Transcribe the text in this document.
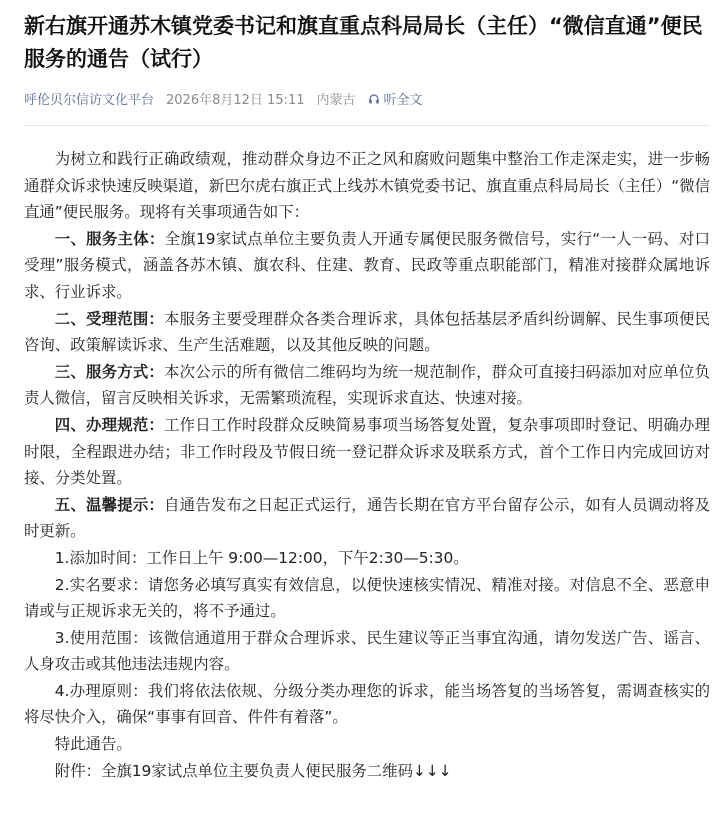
新右旗开通苏木镇党委书记和旗直重点科局局长（主任）“微信直通”便民服务的通告（试行）
呼伦贝尔信访文化平台 2026年8月12日 15:11 内蒙古 听全文

为树立和践行正确政绩观，推动群众身边不正之风和腐败问题集中整治工作走深走实，进一步畅通群众诉求快速反映渠道，新巴尔虎右旗正式上线苏木镇党委书记、旗直重点科局局长（主任）“微信直通”便民服务。现将有关事项通告如下：

一、服务主体：全旗19家试点单位主要负责人开通专属便民服务微信号，实行“一人一码、对口受理”服务模式，涵盖各苏木镇、旗农科、住建、教育、民政等重点职能部门，精准对接群众属地诉求、行业诉求。

二、受理范围：本服务主要受理群众各类合理诉求，具体包括基层矛盾纠纷调解、民生事项便民咨询、政策解读诉求、生产生活难题，以及其他反映的问题。

三、服务方式：本次公示的所有微信二维码均为统一规范制作，群众可直接扫码添加对应单位负责人微信，留言反映相关诉求，无需繁琐流程，实现诉求直达、快速对接。

四、办理规范：工作日工作时段群众反映简易事项当场答复处置，复杂事项即时登记、明确办理时限，全程跟进办结；非工作时段及节假日统一登记群众诉求及联系方式，首个工作日内完成回访对接、分类处置。

五、温馨提示：自通告发布之日起正式运行，通告长期在官方平台留存公示，如有人员调动将及时更新。

1.添加时间：工作日上午 9:00—12:00，下午2:30—5:30。

2.实名要求：请您务必填写真实有效信息，以便快速核实情况、精准对接。对信息不全、恶意申请或与正规诉求无关的，将不予通过。

3.使用范围：该微信通道用于群众合理诉求、民生建议等正当事宜沟通，请勿发送广告、谣言、人身攻击或其他违法违规内容。

4.办理原则：我们将依法依规、分级分类办理您的诉求，能当场答复的当场答复，需调查核实的将尽快介入，确保“事事有回音、件件有着落”。

特此通告。

附件：全旗19家试点单位主要负责人便民服务二维码↓↓↓
